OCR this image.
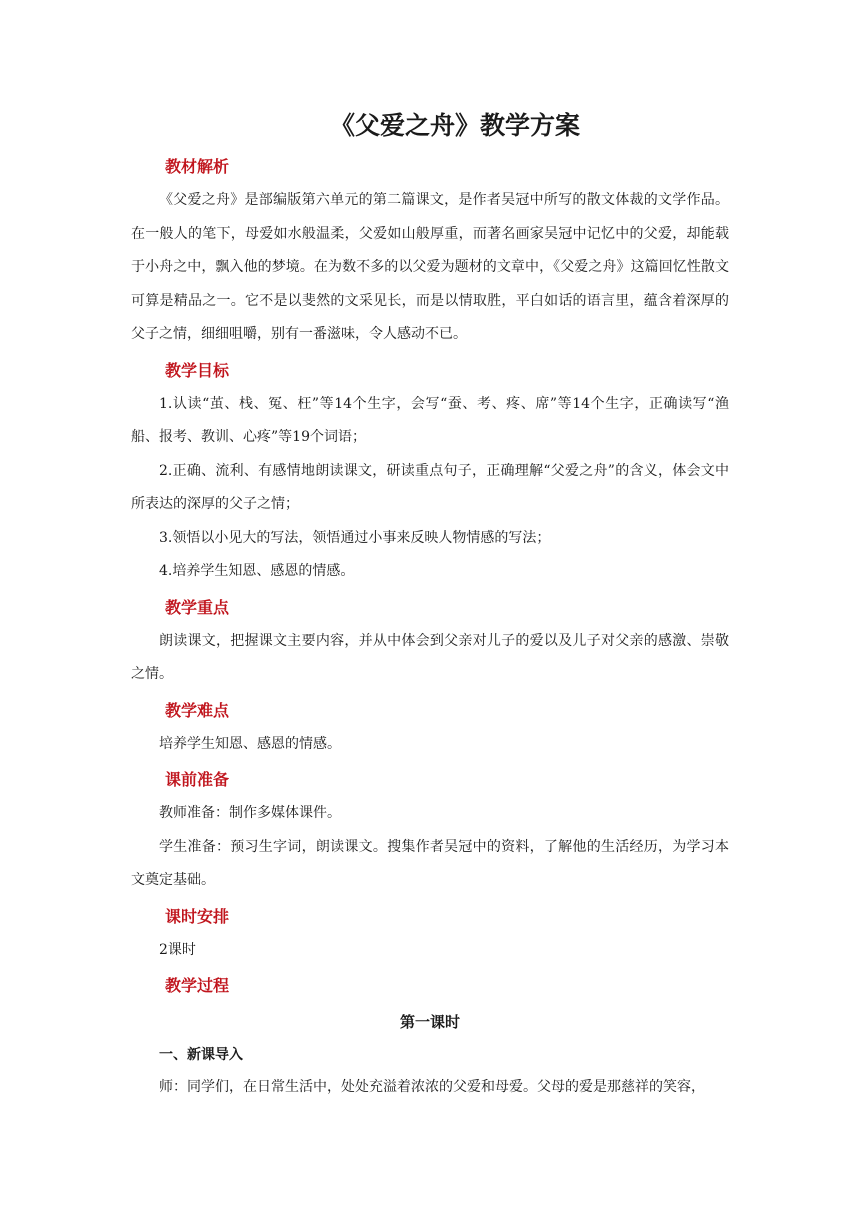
《父爱之舟》教学方案
教材解析

《父爱之舟》是部编版第六单元的第二篇课文，是作者吴冠中所写的散文体裁的文学作品。在一般人的笔下，母爱如水般温柔，父爱如山般厚重，而著名画家吴冠中记忆中的父爱，却能载于小舟之中，飘入他的梦境。在为数不多的以父爱为题材的文章中，《父爱之舟》这篇回忆性散文可算是精品之一。它不是以斐然的文采见长，而是以情取胜，平白如话的语言里，蕴含着深厚的父子之情，细细咀嚼，别有一番滋味，令人感动不已。

教学目标

1.认读“茧、栈、冤、枉”等14个生字，会写“蚕、考、疼、席”等14个生字，正确读写“渔船、报考、教训、心疼”等19个词语；

2.正确、流利、有感情地朗读课文，研读重点句子，正确理解“父爱之舟”的含义，体会文中所表达的深厚的父子之情；

3.领悟以小见大的写法，领悟通过小事来反映人物情感的写法；

4.培养学生知恩、感恩的情感。

教学重点

朗读课文，把握课文主要内容，并从中体会到父亲对儿子的爱以及儿子对父亲的感激、崇敬之情。

教学难点

培养学生知恩、感恩的情感。

课前准备

教师准备：制作多媒体课件。

学生准备：预习生字词，朗读课文。搜集作者吴冠中的资料，了解他的生活经历，为学习本文奠定基础。

课时安排

2课时

教学过程
第一课时
一、新课导入

师：同学们，在日常生活中，处处充溢着浓浓的父爱和母爱。父母的爱是那慈祥的笑容，
